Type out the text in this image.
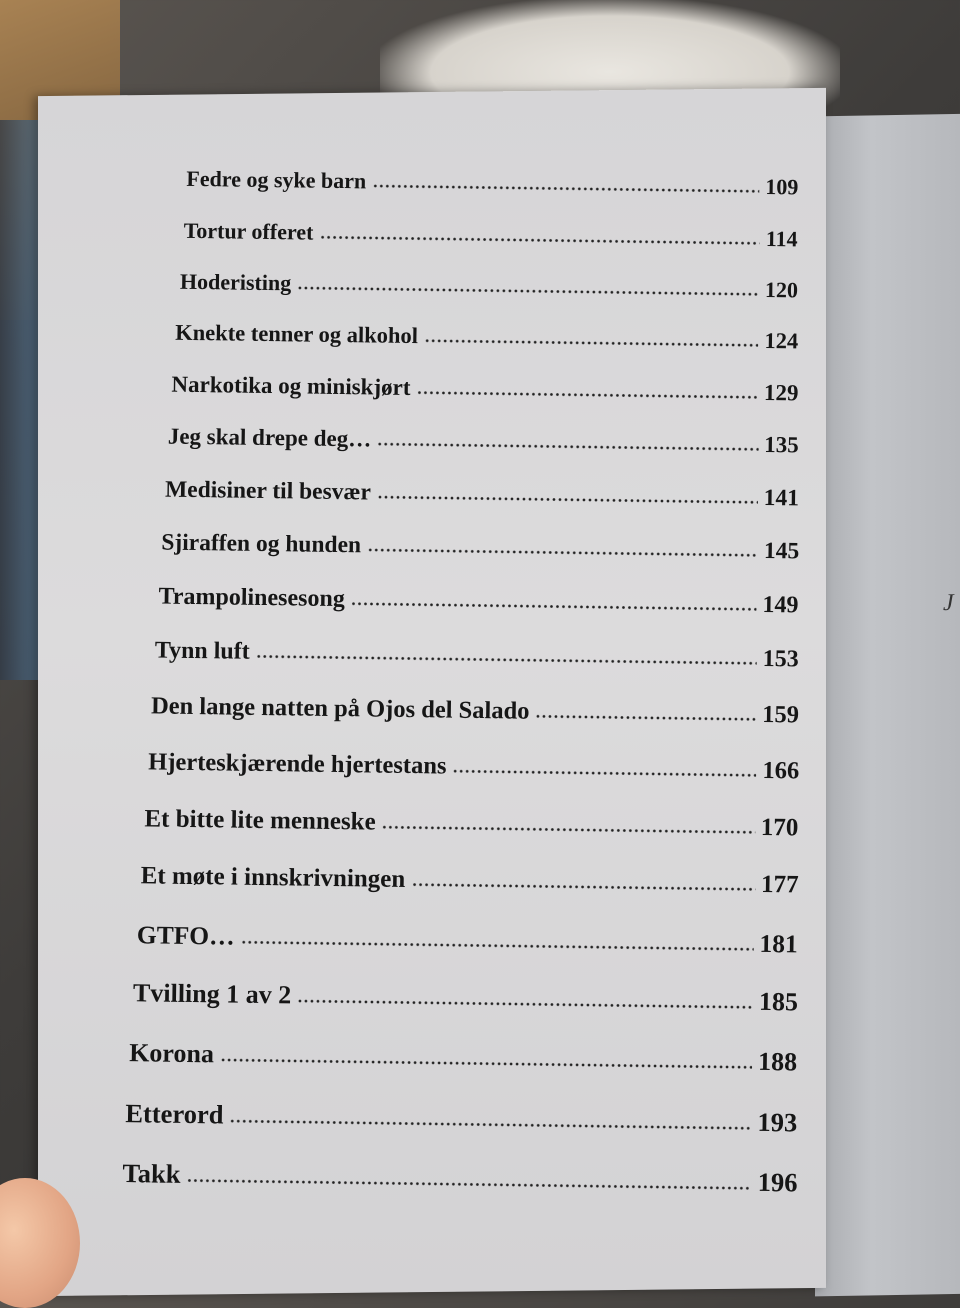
J
Fedre og syke barn	109
Tortur offeret	114
Hoderisting	120
Knekte tenner og alkohol	124
Narkotika og miniskjørt	129
Jeg skal drepe deg…	135
Medisiner til besvær	141
Sjiraffen og hunden	145
Trampolinesesong	149
Tynn luft	153
Den lange natten på Ojos del Salado	159
Hjerteskjærende hjertestans	166
Et bitte lite menneske	170
Et møte i innskrivningen	177
GTFO…	181
Tvilling 1 av 2	185
Korona	188
Etterord	193
Takk	196
